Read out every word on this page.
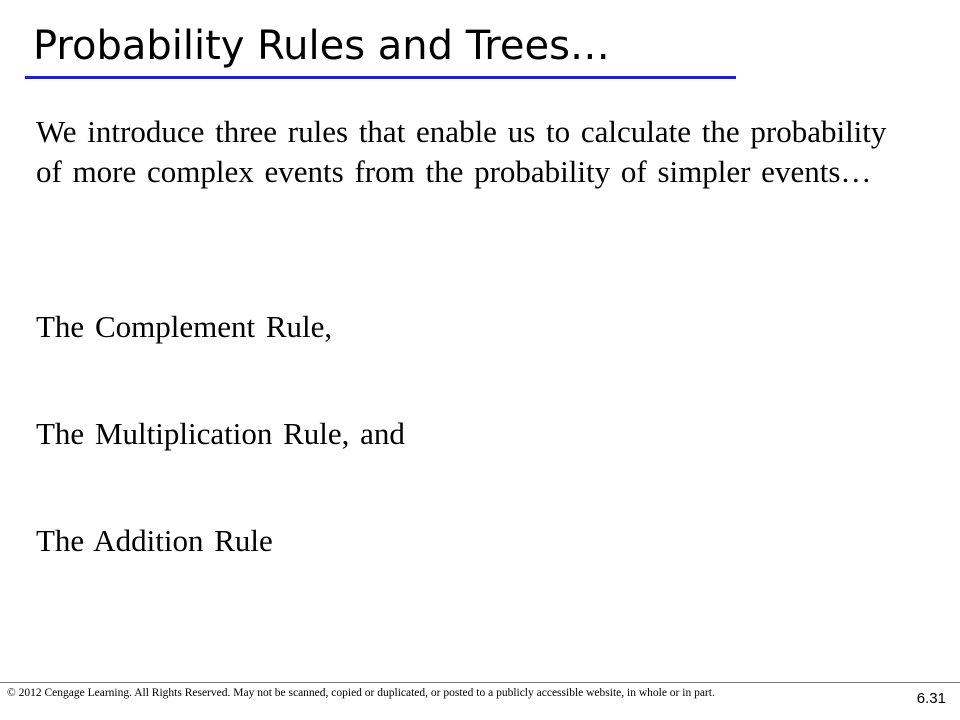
Probability Rules and Trees…

We introduce three rules that enable us to calculate the probability of more complex events from the probability of simpler events…

The Complement Rule,

The Multiplication Rule, and

The Addition Rule

© 2012 Cengage Learning. All Rights Reserved. May not be scanned, copied or duplicated, or posted to a publicly accessible website, in whole or in part.	6.31
